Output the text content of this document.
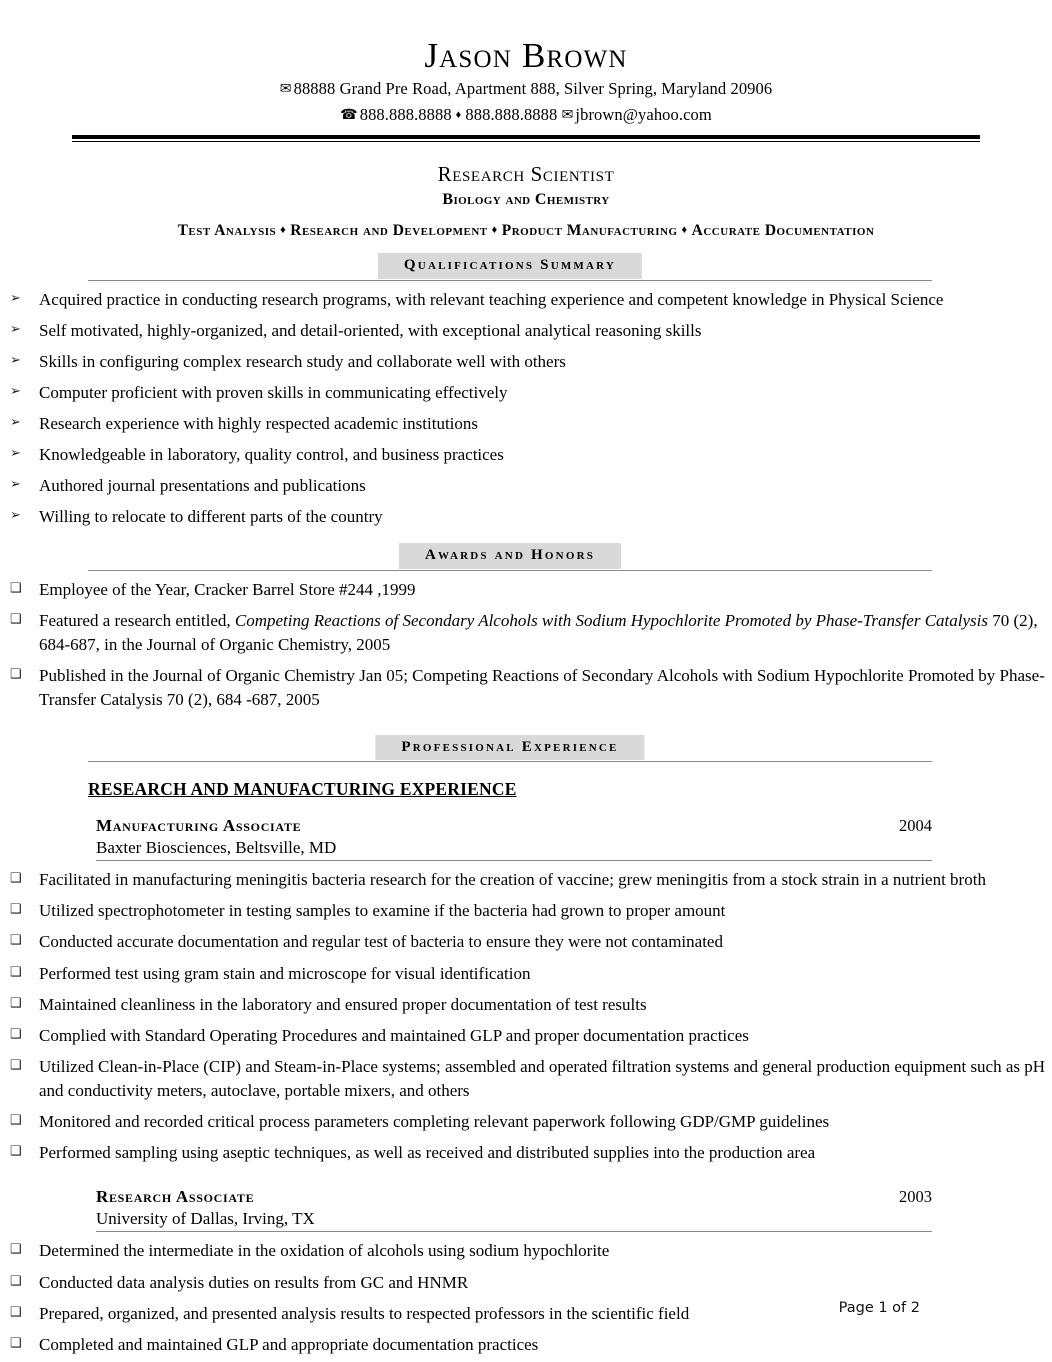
Jason Brown
✉ 88888 Grand Pre Road, Apartment 888, Silver Spring, Maryland 20906
☎ 888.888.8888 ♦ 888.888.8888 ✉ jbrown@yahoo.com
Research Scientist
Biology and Chemistry
Test Analysis ♦ Research and Development ♦ Product Manufacturing ♦ Accurate Documentation
Qualifications Summary
➢ Acquired practice in conducting research programs, with relevant teaching experience and competent knowledge in Physical Science
➢ Self motivated, highly-organized, and detail-oriented, with exceptional analytical reasoning skills
➢ Skills in configuring complex research study and collaborate well with others
➢ Computer proficient with proven skills in communicating effectively
➢ Research experience with highly respected academic institutions
➢ Knowledgeable in laboratory, quality control, and business practices
➢ Authored journal presentations and publications
➢ Willing to relocate to different parts of the country
Awards and Honors
❑ Employee of the Year, Cracker Barrel Store #244 ,1999
❑ Featured a research entitled, Competing Reactions of Secondary Alcohols with Sodium Hypochlorite Promoted by Phase-Transfer Catalysis 70 (2), 684-687, in the Journal of Organic Chemistry, 2005
❑ Published in the Journal of Organic Chemistry Jan 05; Competing Reactions of Secondary Alcohols with Sodium Hypochlorite Promoted by Phase-Transfer Catalysis 70 (2), 684 -687, 2005
Professional Experience
RESEARCH AND MANUFACTURING EXPERIENCE
Manufacturing Associate	2004
Baxter Biosciences, Beltsville, MD
❑ Facilitated in manufacturing meningitis bacteria research for the creation of vaccine; grew meningitis from a stock strain in a nutrient broth
❑ Utilized spectrophotometer in testing samples to examine if the bacteria had grown to proper amount
❑ Conducted accurate documentation and regular test of bacteria to ensure they were not contaminated
❑ Performed test using gram stain and microscope for visual identification
❑ Maintained cleanliness in the laboratory and ensured proper documentation of test results
❑ Complied with Standard Operating Procedures and maintained GLP and proper documentation practices
❑ Utilized Clean-in-Place (CIP) and Steam-in-Place systems; assembled and operated filtration systems and general production equipment such as pH and conductivity meters, autoclave, portable mixers, and others
❑ Monitored and recorded critical process parameters completing relevant paperwork following GDP/GMP guidelines
❑ Performed sampling using aseptic techniques, as well as received and distributed supplies into the production area
Research Associate	2003
University of Dallas, Irving, TX
❑ Determined the intermediate in the oxidation of alcohols using sodium hypochlorite
❑ Conducted data analysis duties on results from GC and HNMR
❑ Prepared, organized, and presented analysis results to respected professors in the scientific field
❑ Completed and maintained GLP and appropriate documentation practices
Page 1 of 2
